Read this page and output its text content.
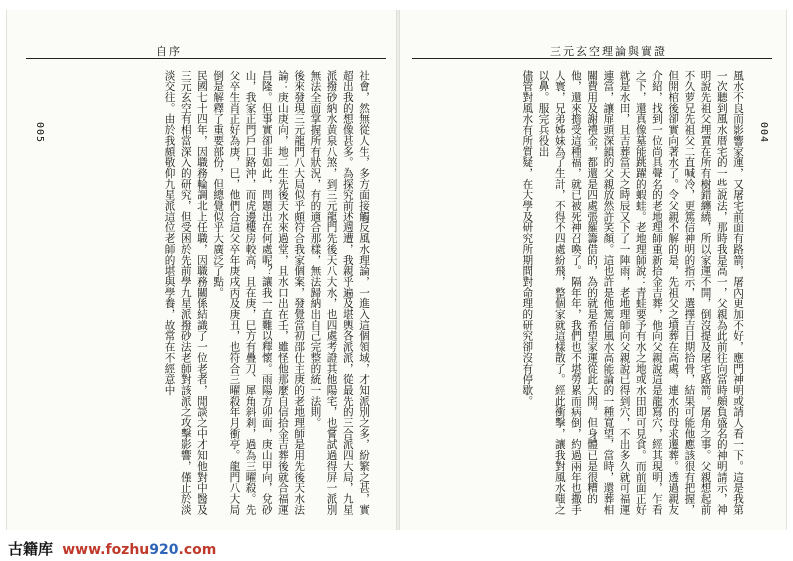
自序
005	社會，然無從人生，多方面接觸反風水理論，一進入這個領域，才知派別之多，紛繁之甚，實超出我的想像甚多。為探究前述週遭，我親乎遍及堪輿各派派，從最先的三合派四大局，九星派撥砂納水黄泉八煞，到三元龍門先後天八大水，也四處考證其他陽宅，也嘗試過得屏一派別無法全面掌握所有狀況，有的適合那樣，無法歸納出自己完整的統一法則。

後來發現三元龍門八大局似乎頗符合我家個案，發覺當初邵仕主庚的老地理師是用先後天水法論：庚山庚向，地二生先後天水來過堂，且水口出在壬，雖怪他那麼自信拾金吉葬後就合福運昌隆。但事實卻非如此，問題出在何處呢？讓我一直難以釋懷。雨陽方卯面，庚山甲向，兌砂山，我家正門戶口路沖，而虎邊樓房較高，且在庚，巳方有疊刀、犀角斜剎，過為三曜殺。先父卒生肖正好為庚，巳，他們合這父卒年庚戌丙及庚丑，也符合三曜殺年月衝亭。龍門八大局倒是解釋了重要部份，但總覺似乎大廣泛了點。

民國七十四年，因職務輪調北上任職，因職務關係結識了一位老者，閒談之中才知他對中醫及三元玄空有相當深入的研究，但受困於先前學九星派撥砂法老師對該派之攻擊影響，僅止於淡淡交往。由於我頗敬仰九星派這位老師的堪與學養，故常在不經意中

三元玄空理論與實證
004

風水不良而影響家運，又屠宅前面有路箭，屠內更加不好，應門神明或請人看一下。這是我第一次聽到風水厝宅的一些說法，那時我是高一，父親為此前往向當時頗負盛名的神明請示，神明說先祖父埋置在所有樹錯纏繞，所以家運不開，倒沒提及屠宅路箭。屠角之事。父親想起前不久萝兄先祖父二直喊冷，更篤信神明的指示，選擇吉日期拾骨，結果可能他應該很有把握，但開棺後卻實向著水了。令父親不解的是，先祖父之墳葬在高處，連水的母求遷葬。透過親友介紹，找到一位尚具聲名的老地理師重新拾金吉葬，他向父親說這是龍寫穴，經其現明，乍看之下，還真像墓能跳躍的蝦蛙。老地理師說：青蛙要予有水之地或水田即可見食。而前面正好就是水田，且吉葬當天之時辰又下了一陣雨，老地理師向父親說已得到穴，不出多久就可福運連當，讓扉頭深鎖的父親放然許笑顏。這也許是他篤信風水高能論的一種寬望，當時，還葬相關費用及謝禮金，都還是四處張羅籌借的，為的就是希望家運從此大開。但身體已是很糟的他，還來擔受這種福，就已被死神召喚了。隔年年，我們也不堪勞累而病倒，約過兩年也撒手人寰，兄弟姊妹為了生計，不得不四處紛飛，整個家就這樣散了。經此衝擊，讓我對風水嗤之以鼻。服完兵役出

儘管對風水有所質疑，在大學及研究所期間對命理的研究卻沒有停歇。

古籍库 www.fozhu920.com
